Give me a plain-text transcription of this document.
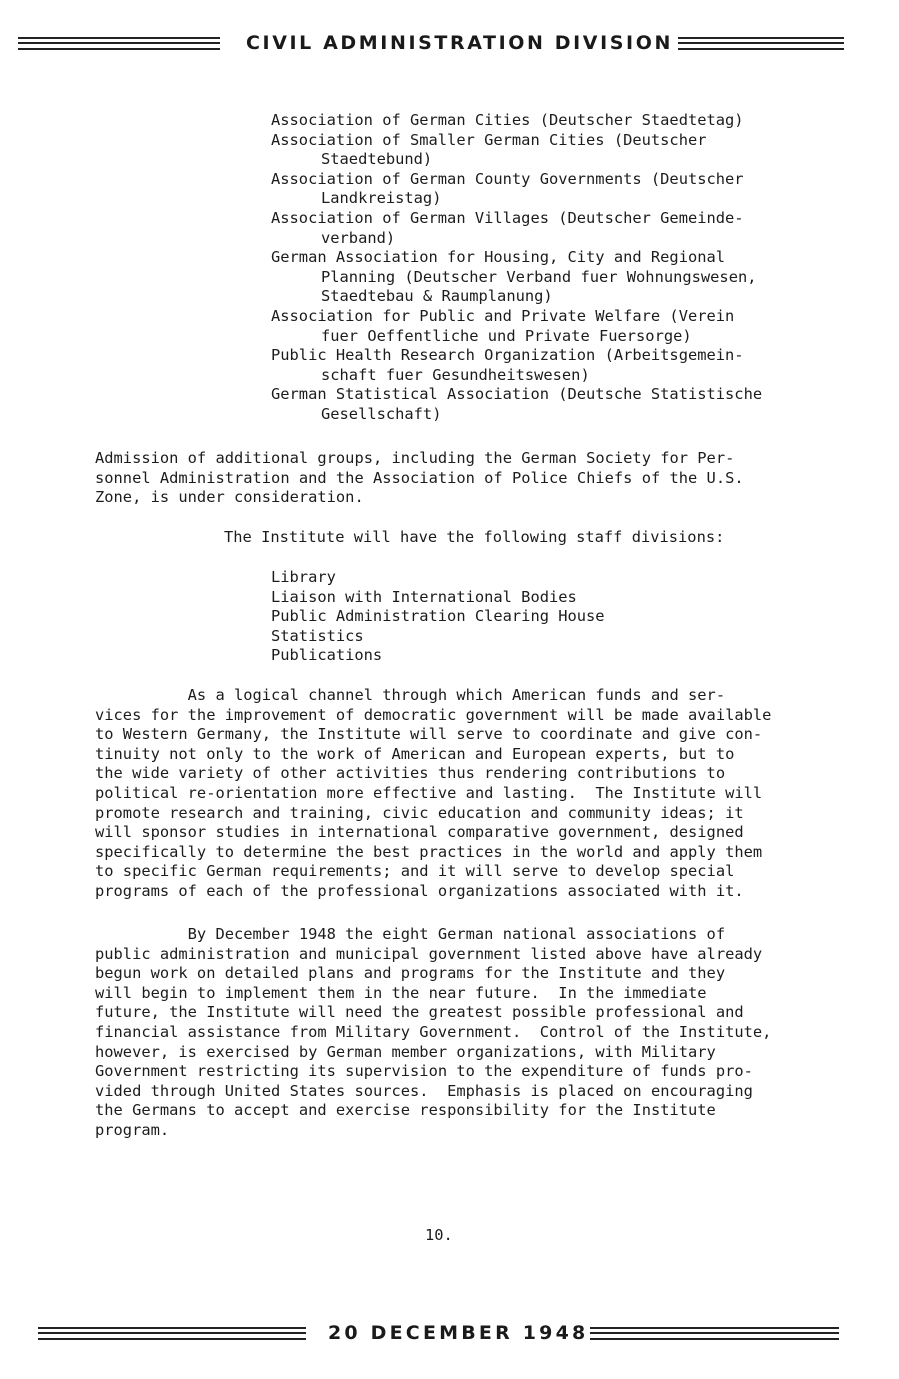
CIVIL ADMINISTRATION DIVISION
Association of German Cities (Deutscher Staedtetag)
Association of Smaller German Cities (Deutscher
Staedtebund)
Association of German County Governments (Deutscher
Landkreistag)
Association of German Villages (Deutscher Gemeinde-
verband)
German Association for Housing, City and Regional
Planning (Deutscher Verband fuer Wohnungswesen,
Staedtebau & Raumplanung)
Association for Public and Private Welfare (Verein
fuer Oeffentliche und Private Fuersorge)
Public Health Research Organization (Arbeitsgemein-
schaft fuer Gesundheitswesen)
German Statistical Association (Deutsche Statistische
Gesellschaft)

Admission of additional groups, including the German Society for Per-
sonnel Administration and the Association of Police Chiefs of the U.S.
Zone, is under consideration.

The Institute will have the following staff divisions:

Library
Liaison with International Bodies
Public Administration Clearing House
Statistics
Publications

As a logical channel through which American funds and ser-
vices for the improvement of democratic government will be made available
to Western Germany, the Institute will serve to coordinate and give con-
tinuity not only to the work of American and European experts, but to
the wide variety of other activities thus rendering contributions to
political re-orientation more effective and lasting.  The Institute will
promote research and training, civic education and community ideas; it
will sponsor studies in international comparative government, designed
specifically to determine the best practices in the world and apply them
to specific German requirements; and it will serve to develop special
programs of each of the professional organizations associated with it.

By December 1948 the eight German national associations of
public administration and municipal government listed above have already
begun work on detailed plans and programs for the Institute and they
will begin to implement them in the near future.  In the immediate
future, the Institute will need the greatest possible professional and
financial assistance from Military Government.  Control of the Institute,
however, is exercised by German member organizations, with Military
Government restricting its supervision to the expenditure of funds pro-
vided through United States sources.  Emphasis is placed on encouraging
the Germans to accept and exercise responsibility for the Institute
program.

10.
20 DECEMBER 1948
